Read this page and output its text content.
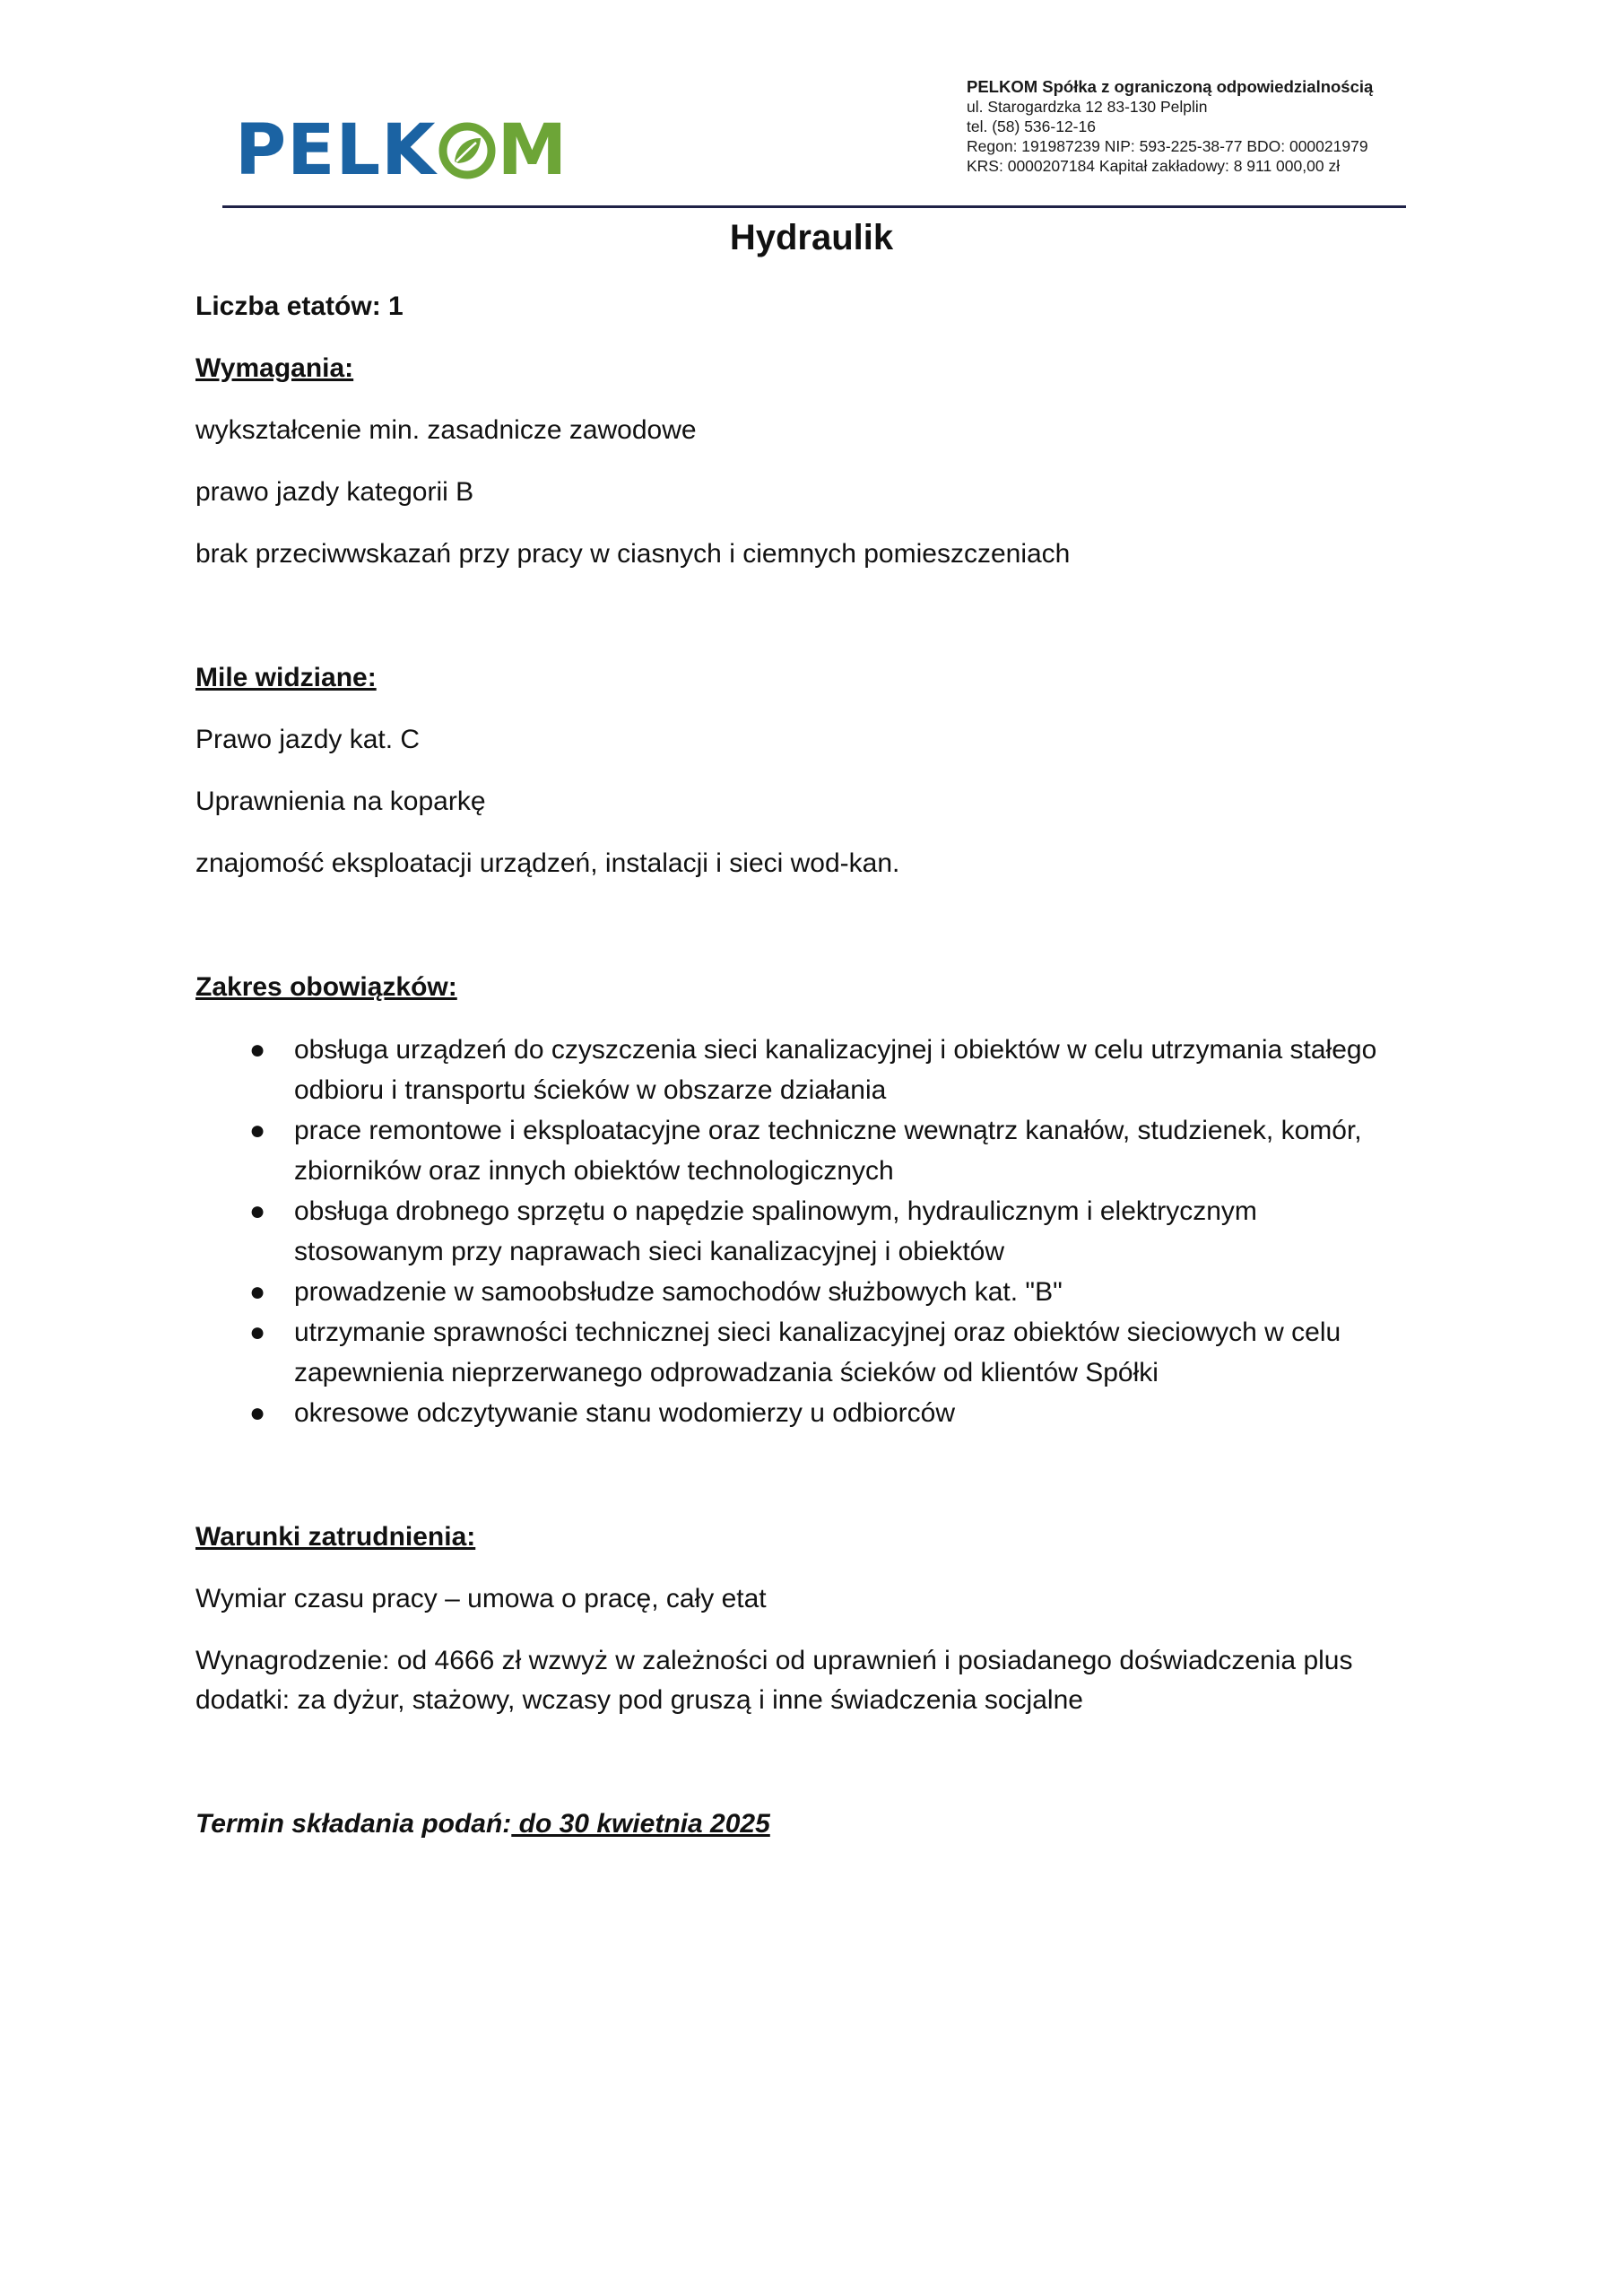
PELK M
PELKOM Spółka z ograniczoną odpowiedzialnością
ul. Starogardzka 12 83-130 Pelplin
tel. (58) 536-12-16
Regon: 191987239 NIP: 593-225-38-77 BDO: 000021979
KRS: 0000207184 Kapitał zakładowy: 8 911 000,00 zł
Hydraulik

Liczba etatów: 1

Wymagania:

wykształcenie min. zasadnicze zawodowe

prawo jazdy kategorii B

brak przeciwwskazań przy pracy w ciasnych i ciemnych pomieszczeniach

Mile widziane:

Prawo jazdy kat. C

Uprawnienia na koparkę

znajomość eksploatacji urządzeń, instalacji i sieci wod-kan.

Zakres obowiązków:

● obsługa urządzeń do czyszczenia sieci kanalizacyjnej i obiektów w celu utrzymania stałego
odbioru i transportu ścieków w obszarze działania
● prace remontowe i eksploatacyjne oraz techniczne wewnątrz kanałów, studzienek, komór,
zbiorników oraz innych obiektów technologicznych
● obsługa drobnego sprzętu o napędzie spalinowym, hydraulicznym i elektrycznym
stosowanym przy naprawach sieci kanalizacyjnej i obiektów
● prowadzenie w samoobsłudze samochodów służbowych kat. "B"
● utrzymanie sprawności technicznej sieci kanalizacyjnej oraz obiektów sieciowych w celu
zapewnienia nieprzerwanego odprowadzania ścieków od klientów Spółki
● okresowe odczytywanie stanu wodomierzy u odbiorców

Warunki zatrudnienia:

Wymiar czasu pracy – umowa o pracę, cały etat

Wynagrodzenie: od 4666 zł wzwyż w zależności od uprawnień i posiadanego doświadczenia plus
dodatki: za dyżur, stażowy, wczasy pod gruszą i inne świadczenia socjalne

Termin składania podań: do 30 kwietnia 2025
